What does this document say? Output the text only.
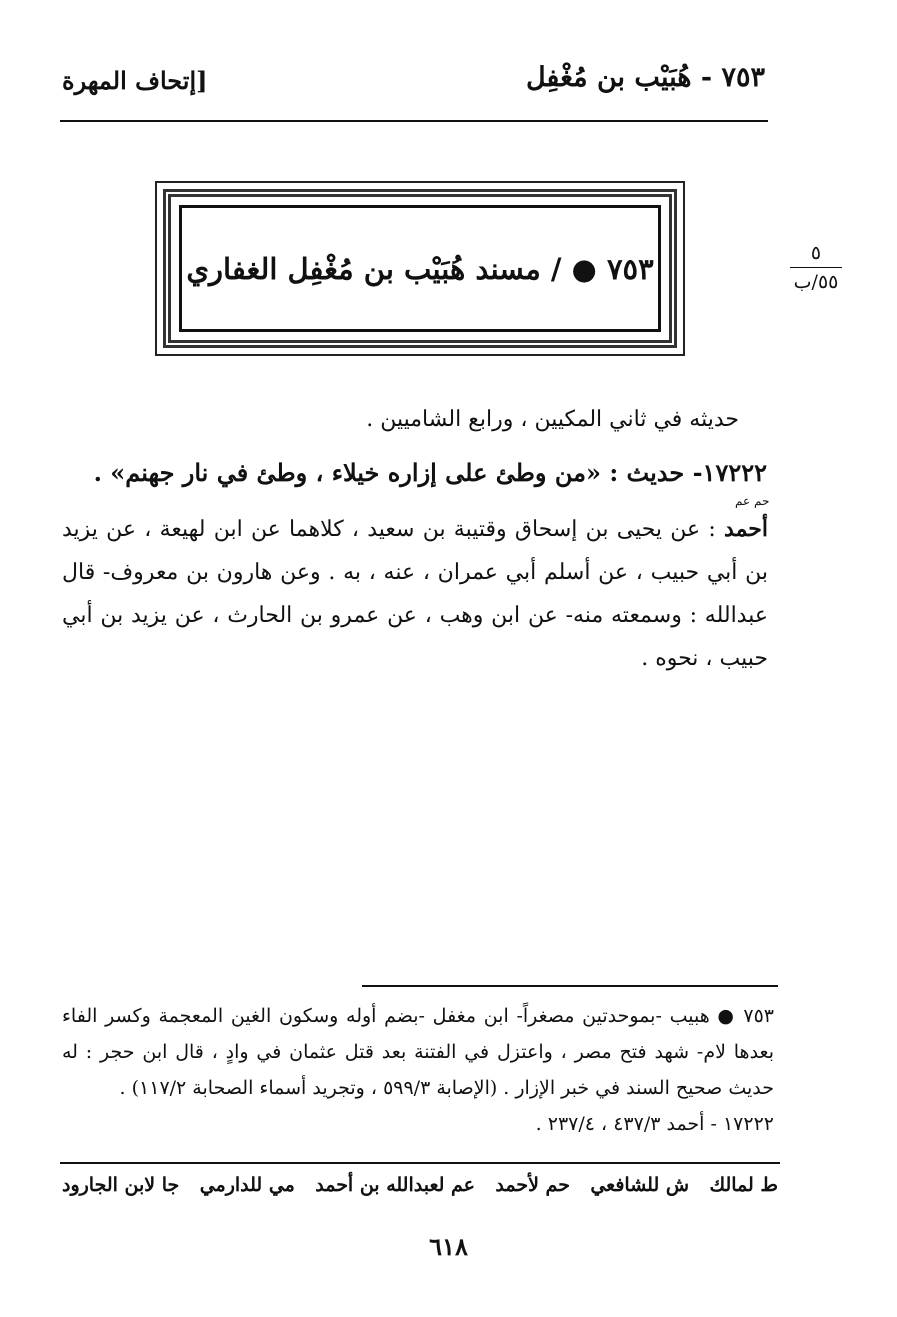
٧٥٣ - هُبَيْب بن مُغْفِل
[إتحاف المهرة
٧٥٣ ● / مسند هُبَيْب بن مُغْفِل الغفاري	٥
٥٥/ب
حديثه في ثاني المكيين ، ورابع الشاميين .
١٧٢٢٢- حديث : «من وطئ على إزاره خيلاء ، وطئ في نار جهنم» .
حم عم
أحمد : عن يحيى بن إسحاق وقتيبة بن سعيد ، كلاهما عن ابن لهيعة ، عن يزيد بن أبي حبيب ، عن أسلم أبي عمران ، عنه ، به . وعن هارون بن معروف- قال عبدالله : وسمعته منه- عن ابن وهب ، عن عمرو بن الحارث ، عن يزيد بن أبي حبيب ، نحوه .

٧٥٣ ● هبيب -بموحدتين مصغراً- ابن مغفل -بضم أوله وسكون الغين المعجمة وكسر الفاء بعدها لام- شهد فتح مصر ، واعتزل في الفتنة بعد قتل عثمان في وادٍ ، قال ابن حجر : له حديث صحيح السند في خبر الإزار . (الإصابة ٥٩٩/٣ ، وتجريد أسماء الصحابة ١١٧/٢) .

١٧٢٢٢ - أحمد ٤٣٧/٣ ، ٢٣٧/٤ .

ط لمالك
ش للشافعي
حم لأحمد
عم لعبدالله بن أحمد
مي للدارمي
جا لابن الجارود
٦١٨
